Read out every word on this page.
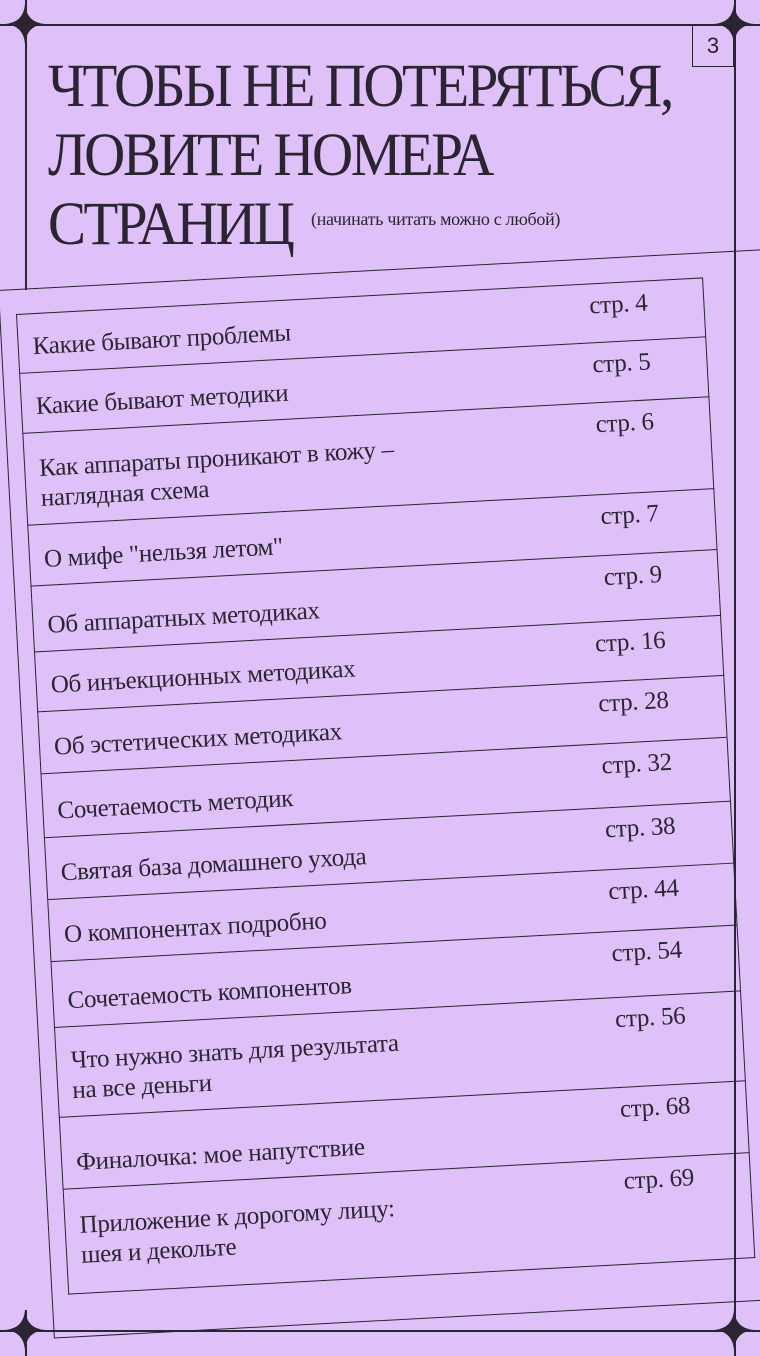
3
ЧТОБЫ НЕ ПОТЕРЯТЬСЯ,
ЛОВИТЕ НОМЕРА
СТРАНИЦ	(начинать читать можно с любой)
Какие бывают проблемы
стр. 4
Какие бывают методики
стр. 5
Как аппараты проникают в кожу –
наглядная схема
стр. 6
О мифе "нельзя летом"
стр. 7
Об аппаратных методиках
стр. 9
Об инъекционных методиках
стр. 16
Об эстетических методиках
стр. 28
Сочетаемость методик
стр. 32
Святая база домашнего ухода
стр. 38
О компонентах подробно
стр. 44
Сочетаемость компонентов
стр. 54
Что нужно знать для результата
на все деньги
стр. 56
Финалочка: мое напутствие
стр. 68
Приложение к дорогому лицу:
шея и декольте
стр. 69
